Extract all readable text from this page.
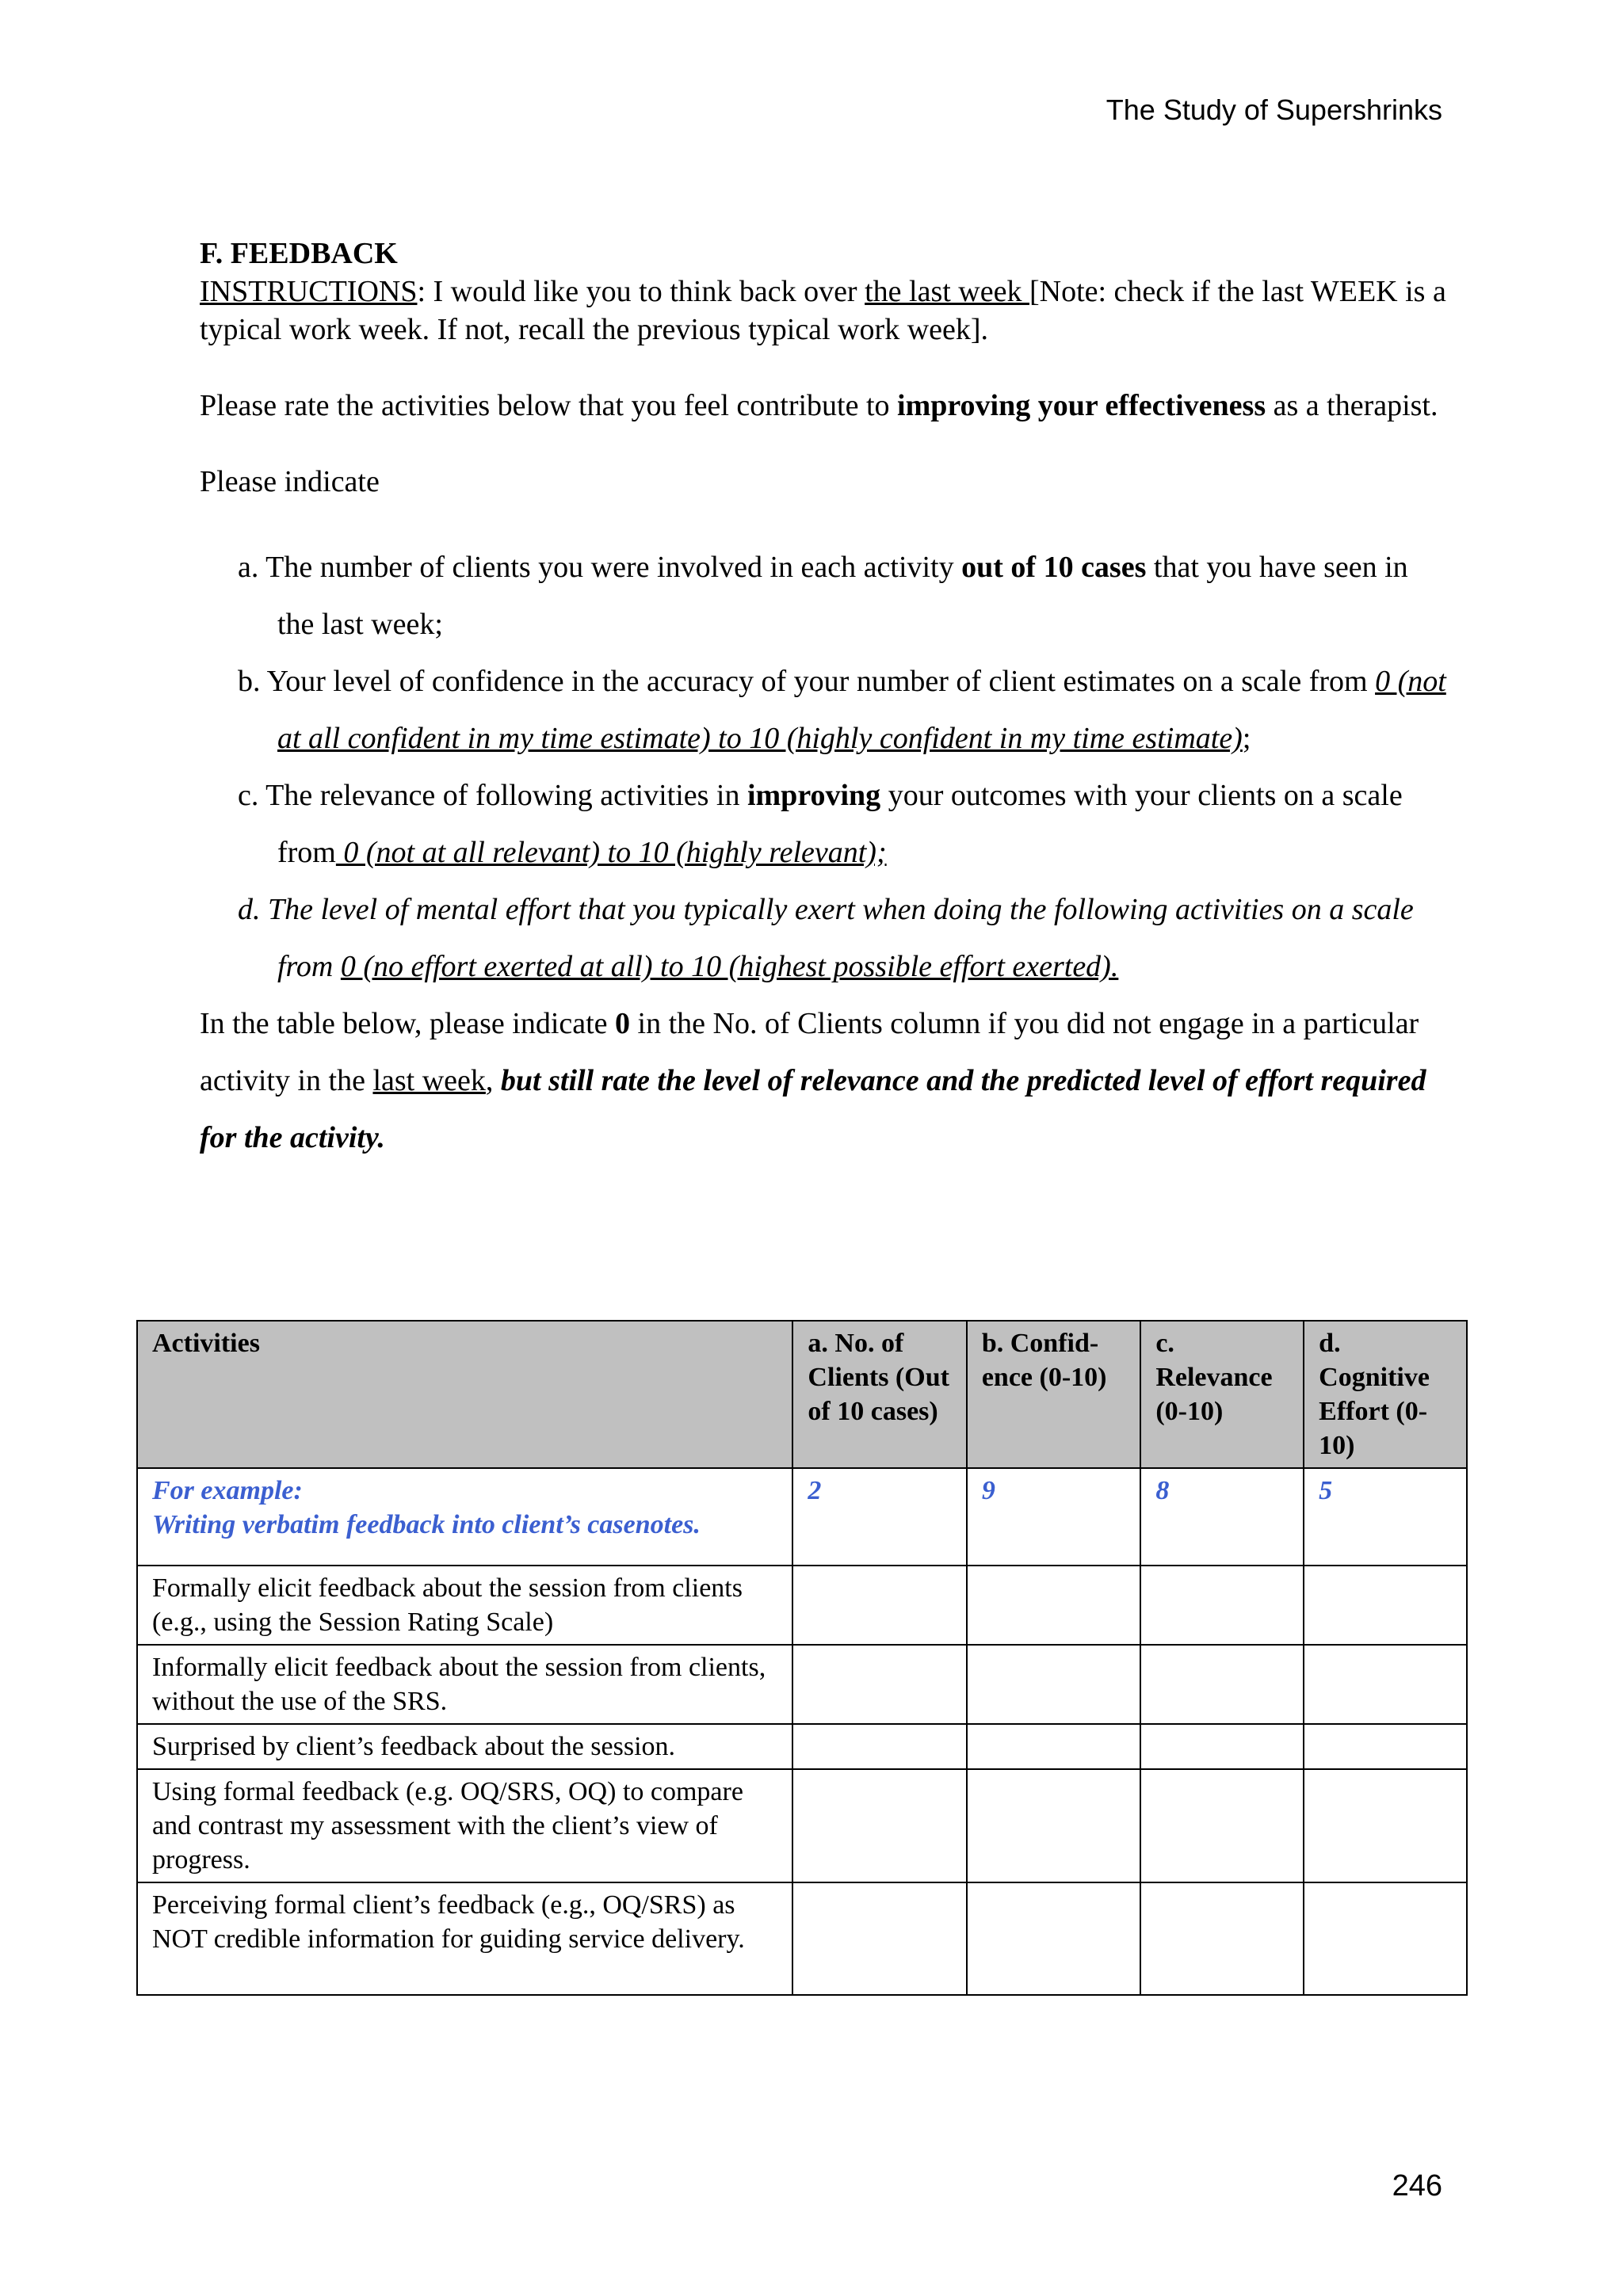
The Study of Supershrinks

F. FEEDBACK

INSTRUCTIONS: I would like you to think back over the last week [Note: check if the last WEEK is a typical work week. If not, recall the previous typical work week].

Please rate the activities below that you feel contribute to improving your effectiveness as a therapist.

Please indicate

a. The number of clients you were involved in each activity out of 10 cases that you have seen in the last week;
b. Your level of confidence in the accuracy of your number of client estimates on a scale from 0 (not at all confident in my time estimate) to 10 (highly confident in my time estimate);
c. The relevance of following activities in improving your outcomes with your clients on a scale from 0 (not at all relevant) to 10 (highly relevant);
d. The level of mental effort that you typically exert when doing the following activities on a scale from 0 (no effort exerted at all) to 10 (highest possible effort exerted).
In the table below, please indicate 0 in the No. of Clients column if you did not engage in a particular activity in the last week, but still rate the level of relevance and the predicted level of effort required for the activity.
Activities	a. No. of Clients (Out of 10 cases)	b. Confid- ence (0-10)	c. Relevance (0-10)	d. Cognitive Effort (0-10)

For example:
Writing verbatim feedback into client’s casenotes.	2	9	8	5
Formally elicit feedback about the session from clients (e.g., using the Session Rating Scale)				
Informally elicit feedback about the session from clients, without the use of the SRS.				
Surprised by client’s feedback about the session.				
Using formal feedback (e.g. OQ/SRS, OQ) to compare and contrast my assessment with the client’s view of progress.				
Perceiving formal client’s feedback (e.g., OQ/SRS) as NOT credible information for guiding service delivery.				
246
